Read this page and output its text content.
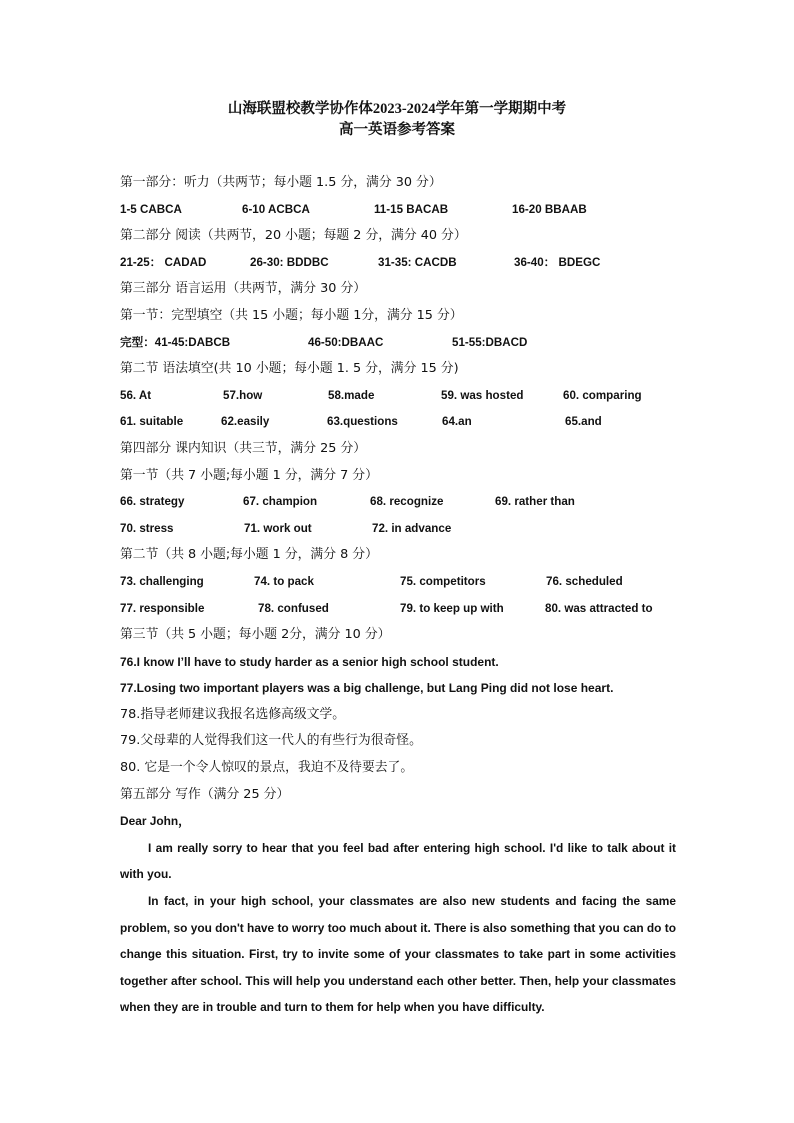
山海联盟校教学协作体2023-2024学年第一学期期中考
高一英语参考答案
第一部分：听力（共两节；每小题 1.5 分，满分 30 分）
1-5 CABCA	6-10 ACBCA	11-15 BACAB	16-20 BBAAB
第二部分 阅读（共两节，20 小题；每题 2 分，满分 40 分）
21-25： CADAD	26-30: BDDBC	31-35: CACDB	36-40： BDEGC
第三部分 语言运用（共两节，满分 30 分）
第一节：完型填空（共 15 小题；每小题 1分，满分 15 分）
完型：41-45:DABCB	46-50:DBAAC	51-55:DBACD
第二节 语法填空(共 10 小题；每小题 1. 5 分，满分 15 分)
56. At	57.how	58.made	59. was hosted	60. comparing
61. suitable	62.easily	63.questions	64.an	65.and
第四部分 课内知识（共三节，满分 25 分）
第一节（共 7 小题;每小题 1 分，满分 7 分）
66. strategy	67. champion	68. recognize	69. rather than
70. stress	71. work out	72. in advance
第二节（共 8 小题;每小题 1 分，满分 8 分）
73. challenging	74. to pack	75. competitors	76. scheduled
77. responsible	78. confused	79. to keep up with	80. was attracted to
第三节（共 5 小题；每小题 2分，满分 10 分）
76.I know I’ll have to study harder as a senior high school student.
77.Losing two important players was a big challenge, but Lang Ping did not lose heart.
78.指导老师建议我报名选修高级文学。
79.父母辈的人觉得我们这一代人的有些行为很奇怪。
80. 它是一个令人惊叹的景点，我迫不及待要去了。
第五部分 写作（满分 25 分）

Dear John，

I am really sorry to hear that you feel bad after entering high school. I'd like to talk about it with you.

In fact, in your high school, your classmates are also new students and facing the same problem, so you don't have to worry too much about it. There is also something that you can do to change this situation. First, try to invite some of your classmates to take part in some activities together after school. This will help you understand each other better. Then, help your classmates when they are in trouble and turn to them for help when you have difficulty.
